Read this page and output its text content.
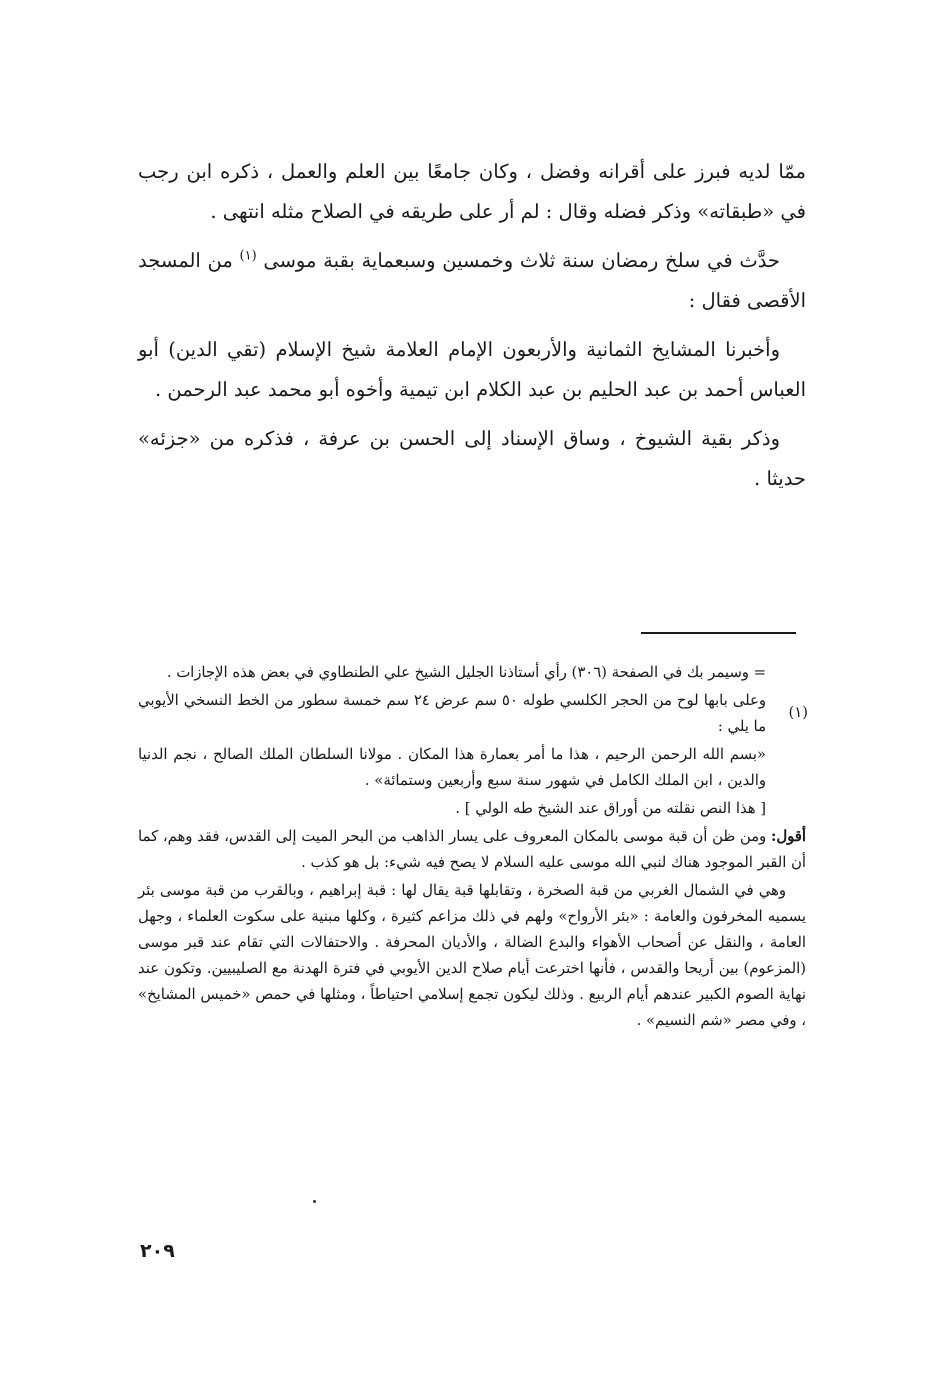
ممّا لديه فبرز على أقرانه وفضل ، وكان جامعًا بين العلم والعمل ، ذكره ابن رجب في «طبقاته» وذكر فضله وقال : لم أر على طريقه في الصلاح مثله انتهى .

حدَّث في سلخ رمضان سنة ثلاث وخمسين وسبعماية بقبة موسى $^{(١)}$ من المسجد الأقصى فقال :

وأخبرنا المشايخ الثمانية والأربعون الإمام العلامة شيخ الإسلام (تقي الدين) أبو العباس أحمد بن عبد الحليم بن عبد الكلام ابن تيمية وأخوه أبو محمد عبد الرحمن .

وذكر بقية الشيوخ ، وساق الإسناد إلى الحسن بن عرفة ، فذكره من «جزئه» حديثا .

= وسيمر بك في الصفحة (٣٠٦) رأي أستاذنا الجليل الشيخ علي الطنطاوي في بعض هذه الإجازات .

(١)
وعلى بابها لوح من الحجر الكلسي طوله ٥٠ سم عرض ٢٤ سم خمسة سطور من الخط النسخي الأيوبي ما يلي :

«بسم الله الرحمن الرحيم ، هذا ما أمر بعمارة هذا المكان . مولانا السلطان الملك الصالح ، نجم الدنيا والدين ، ابن الملك الكامل في شهور سنة سبع وأربعين وستمائة» .

[ هذا النص نقلته من أوراق عند الشيخ طه الولي ] .

أقول: ومن ظن أن قبة موسى بالمكان المعروف على يسار الذاهب من البحر الميت إلى القدس، فقد وهم، كما أن القبر الموجود هناك لنبي الله موسى عليه السلام لا يصح فيه شيء: بل هو كذب .

وهي في الشمال الغربي من قبة الصخرة ، وتقابلها قبة يقال لها : قبة إبراهيم ، وبالقرب من قبة موسى بئر يسميه المخرفون والعامة : «بئر الأرواح» ولهم في ذلك مزاعم كثيرة ، وكلها مبنية على سكوت العلماء ، وجهل العامة ، والنقل عن أصحاب الأهواء والبدع الضالة ، والأديان المحرفة . والاحتفالات التي تقام عند قبر موسى (المزعوم) بين أريحا والقدس ، فأنها اخترعت أيام صلاح الدين الأيوبي في فترة الهدنة مع الصليبيين. وتكون عند نهاية الصوم الكبير عندهم أيام الربيع . وذلك ليكون تجمع إسلامي احتياطاً ، ومثلها في حمص «خميس المشايخ» ، وفي مصر «شم النسيم» .

٢٠٩
